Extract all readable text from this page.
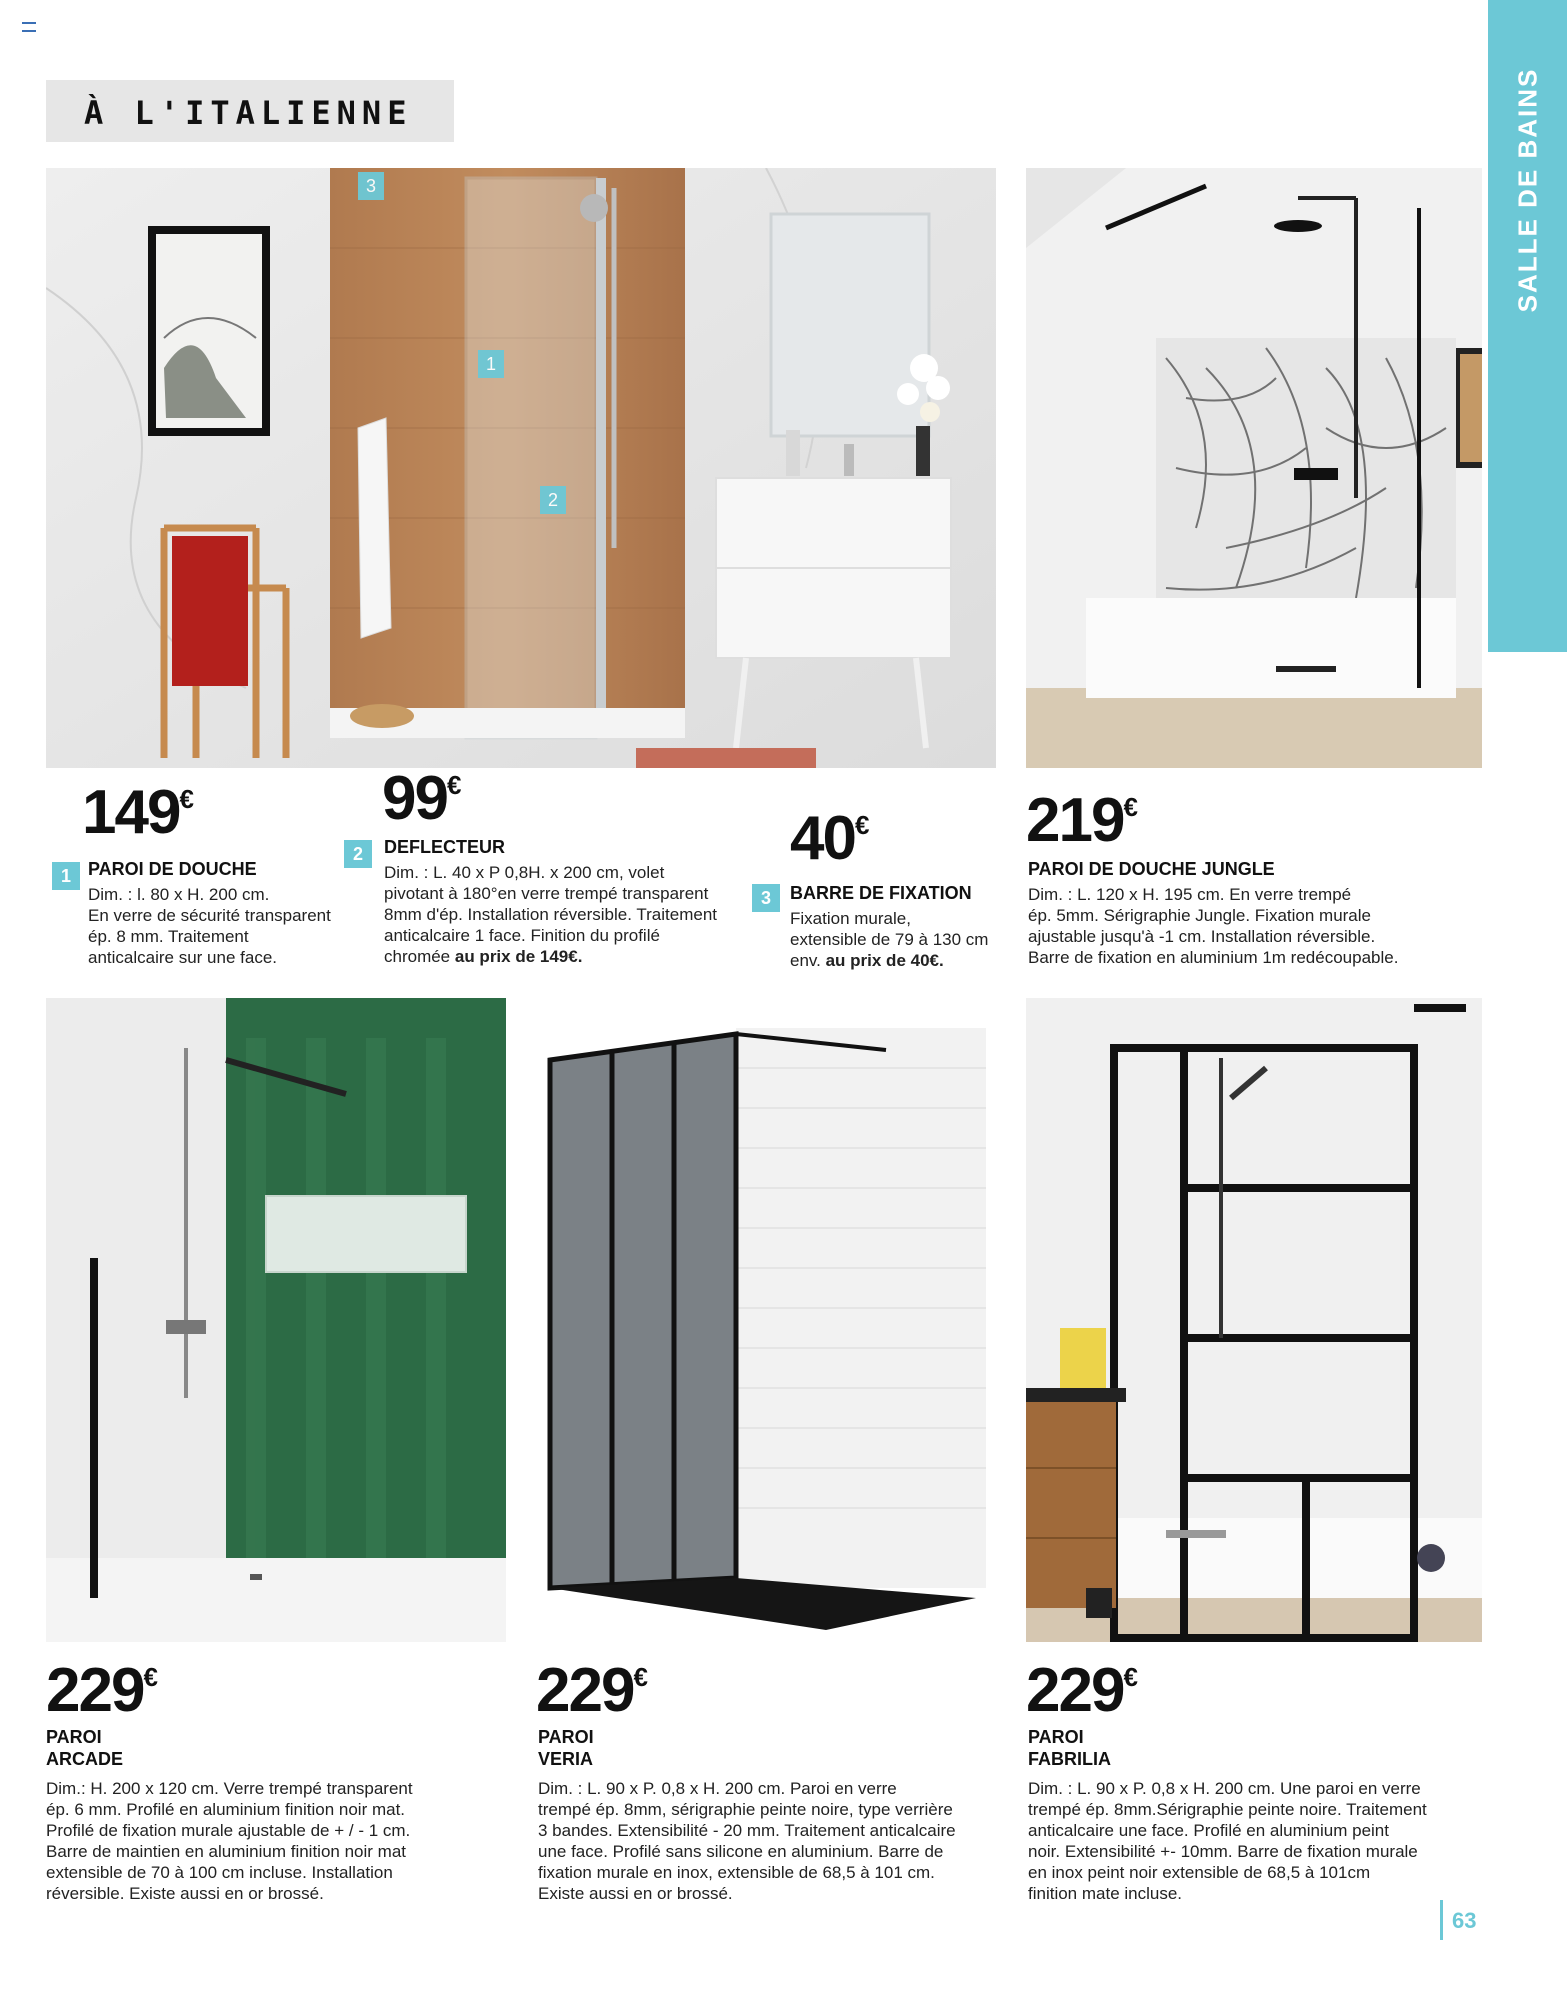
À L'ITALIENNE	SALLE DE BAINS
3
1
2
149€
1 PAROI DE DOUCHE
Dim. : l. 80 x H. 200 cm.
En verre de sécurité transparent
ép. 8 mm. Traitement
anticalcaire sur une face.
99€
2	DEFLECTEUR
Dim. : L. 40 x P 0,8H. x 200 cm, volet
pivotant à 180°en verre trempé transparent
8mm d'ép. Installation réversible. Traitement
anticalcaire 1 face. Finition du profilé
chromée au prix de 149€.
40€
3	BARRE DE FIXATION
Fixation murale,
extensible de 79 à 130 cm
env. au prix de 40€.
219€
PAROI DE DOUCHE JUNGLE
Dim. : L. 120 x H. 195 cm. En verre trempé
ép. 5mm. Sérigraphie Jungle. Fixation murale
ajustable jusqu'à -1 cm. Installation réversible.
Barre de fixation en aluminium 1m redécoupable.
229€
PAROI
ARCADE
Dim.: H. 200 x 120 cm. Verre trempé transparent
ép. 6 mm. Profilé en aluminium finition noir mat.
Profilé de fixation murale ajustable de + / - 1 cm.
Barre de maintien en aluminium finition noir mat
extensible de 70 à 100 cm incluse. Installation
réversible. Existe aussi en or brossé.
229€
PAROI
VERIA
Dim. : L. 90 x P. 0,8 x H. 200 cm. Paroi en verre
trempé ép. 8mm, sérigraphie peinte noire, type verrière
3 bandes. Extensibilité - 20 mm. Traitement anticalcaire
une face. Profilé sans silicone en aluminium. Barre de
fixation murale en inox, extensible de 68,5 à 101 cm.
Existe aussi en or brossé.
229€
PAROI
FABRILIA
Dim. : L. 90 x P. 0,8 x H. 200 cm. Une paroi en verre
trempé ép. 8mm.Sérigraphie peinte noire. Traitement
anticalcaire une face. Profilé en aluminium peint
noir. Extensibilité +- 10mm. Barre de fixation murale
en inox peint noir extensible de 68,5 à 101cm
finition mate incluse.
63
